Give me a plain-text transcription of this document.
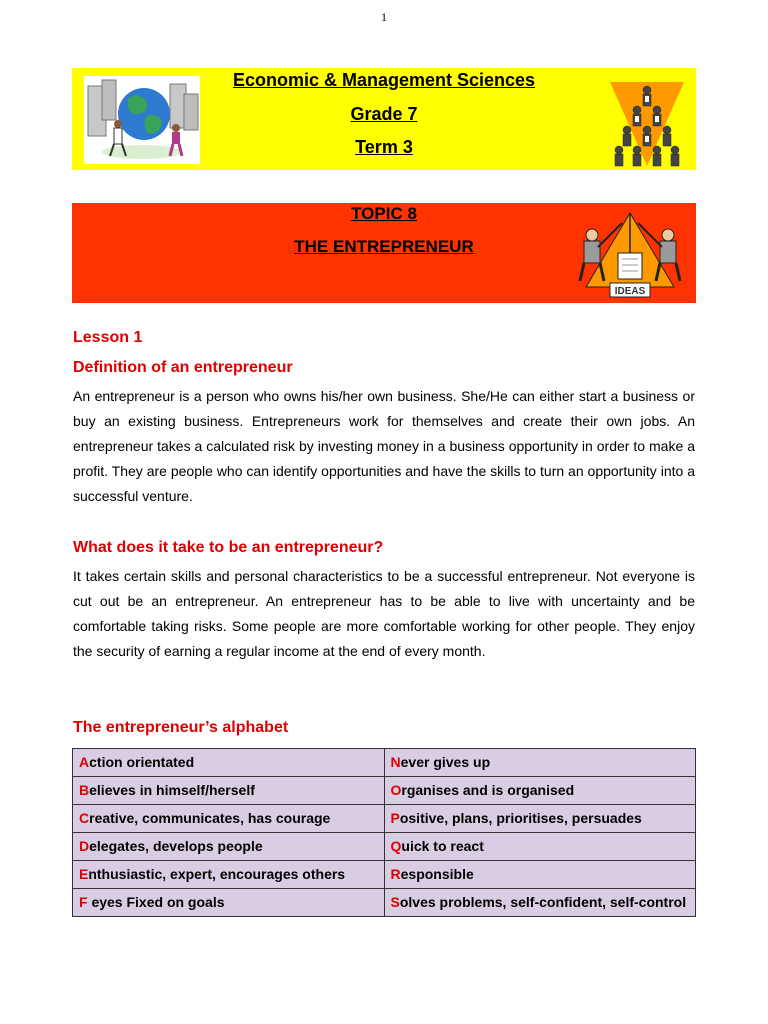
1
Economic & Management Sciences
Grade 7
Term 3
TOPIC 8
THE ENTREPRENEUR
IDEAS
Lesson 1
Definition of an entrepreneur
An entrepreneur is a person who owns his/her own business. She/He can either start a business or buy an existing business. Entrepreneurs work for themselves and create their own jobs. An entrepreneur takes a calculated risk by investing money in a business opportunity in order to make a profit. They are people who can identify opportunities and have the skills to turn an opportunity into a successful venture.
What does it take to be an entrepreneur?
It takes certain skills and personal characteristics to be a successful entrepreneur. Not everyone is cut out be an entrepreneur. An entrepreneur has to be able to live with uncertainty and be comfortable taking risks. Some people are more comfortable working for other people. They enjoy the security of earning a regular income at the end of every month.
The entrepreneur’s alphabet
Action orientated	Never gives up
Believes in himself/herself	Organises and is organised
Creative, communicates, has courage	Positive, plans, prioritises, persuades
Delegates, develops people	Quick to react
Enthusiastic, expert, encourages others	Responsible
F eyes Fixed on goals	Solves problems, self-confident, self-control
